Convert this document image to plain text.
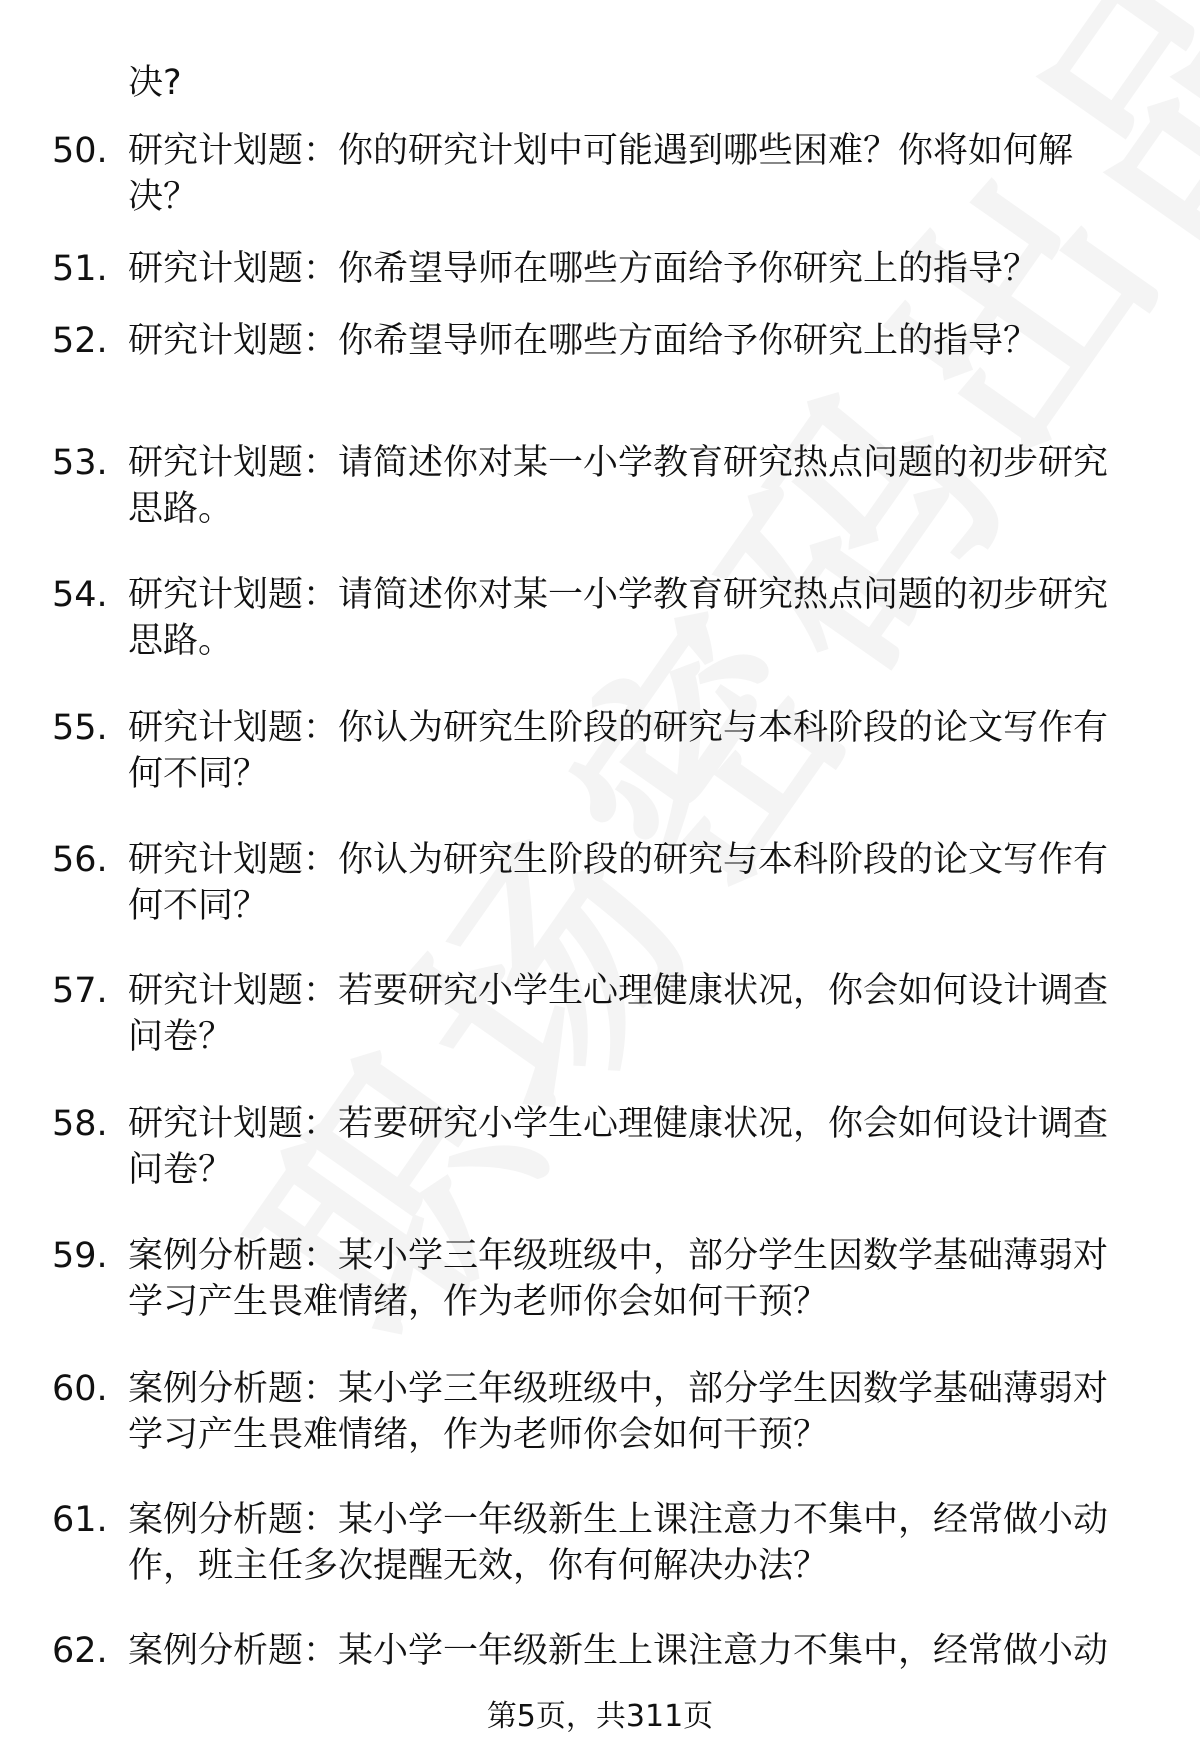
决?
50. 研究计划题：你的研究计划中可能遇到哪些困难？你将如何解决？
51. 研究计划题：你希望导师在哪些方面给予你研究上的指导？
52. 研究计划题：你希望导师在哪些方面给予你研究上的指导？
53. 研究计划题：请简述你对某一小学教育研究热点问题的初步研究思路。
54. 研究计划题：请简述你对某一小学教育研究热点问题的初步研究思路。
55. 研究计划题：你认为研究生阶段的研究与本科阶段的论文写作有何不同？
56. 研究计划题：你认为研究生阶段的研究与本科阶段的论文写作有何不同？
57. 研究计划题：若要研究小学生心理健康状况，你会如何设计调查问卷？
58. 研究计划题：若要研究小学生心理健康状况，你会如何设计调查问卷？
59. 案例分析题：某小学三年级班级中，部分学生因数学基础薄弱对学习产生畏难情绪，作为老师你会如何干预？
60. 案例分析题：某小学三年级班级中，部分学生因数学基础薄弱对学习产生畏难情绪，作为老师你会如何干预？
61. 案例分析题：某小学一年级新生上课注意力不集中，经常做小动作，班主任多次提醒无效，你有何解决办法？
62. 案例分析题：某小学一年级新生上课注意力不集中，经常做小动
第5页，共311页
